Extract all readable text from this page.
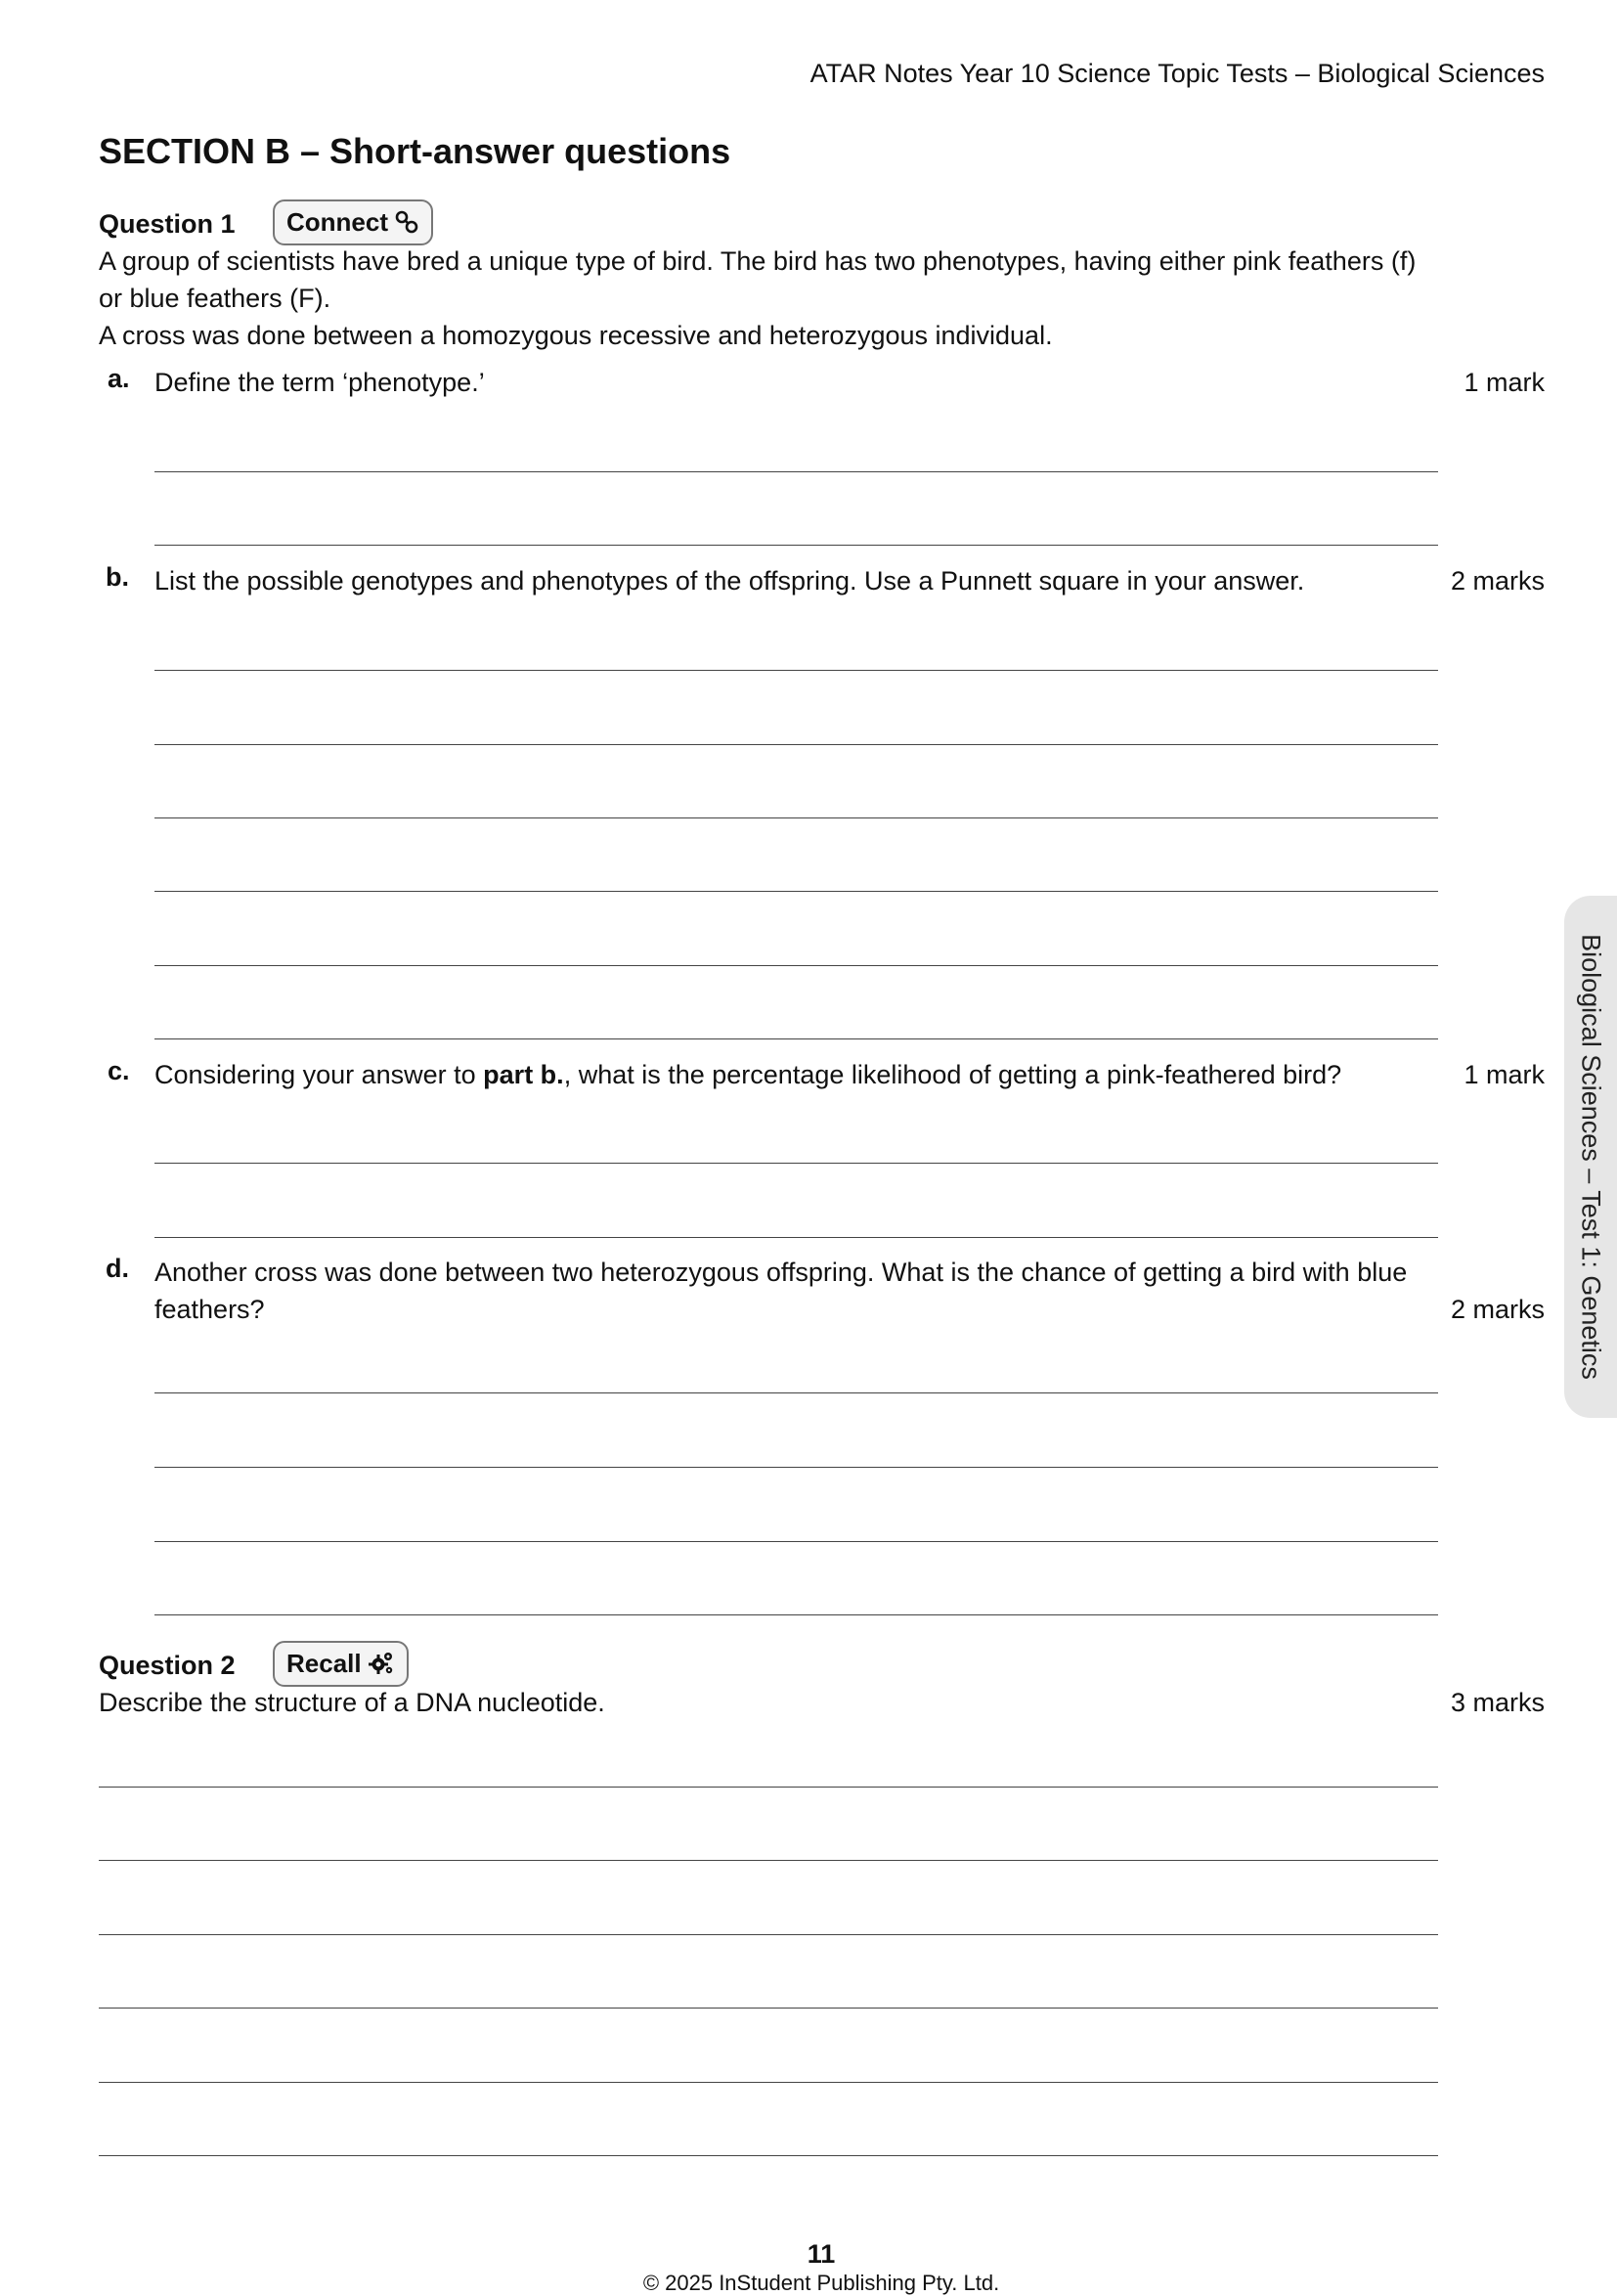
ATAR Notes Year 10 Science Topic Tests – Biological Sciences
SECTION B – Short-answer questions
Question 1 Connect
A group of scientists have bred a unique type of bird. The bird has two phenotypes, having either pink feathers (f)
or blue feathers (F).
A cross was done between a homozygous recessive and heterozygous individual.
a. Define the term ‘phenotype.’	1 mark
b. List the possible genotypes and phenotypes of the offspring. Use a Punnett square in your answer.	2 marks
c. Considering your answer to part b., what is the percentage likelihood of getting a pink-feathered bird?	1 mark
d. Another cross was done between two heterozygous offspring. What is the chance of getting a bird with blue
feathers?	2 marks
Question 2 Recall
Describe the structure of a DNA nucleotide.	3 marks
Biological Sciences – Test 1: Genetics
11
© 2025 InStudent Publishing Pty. Ltd.
